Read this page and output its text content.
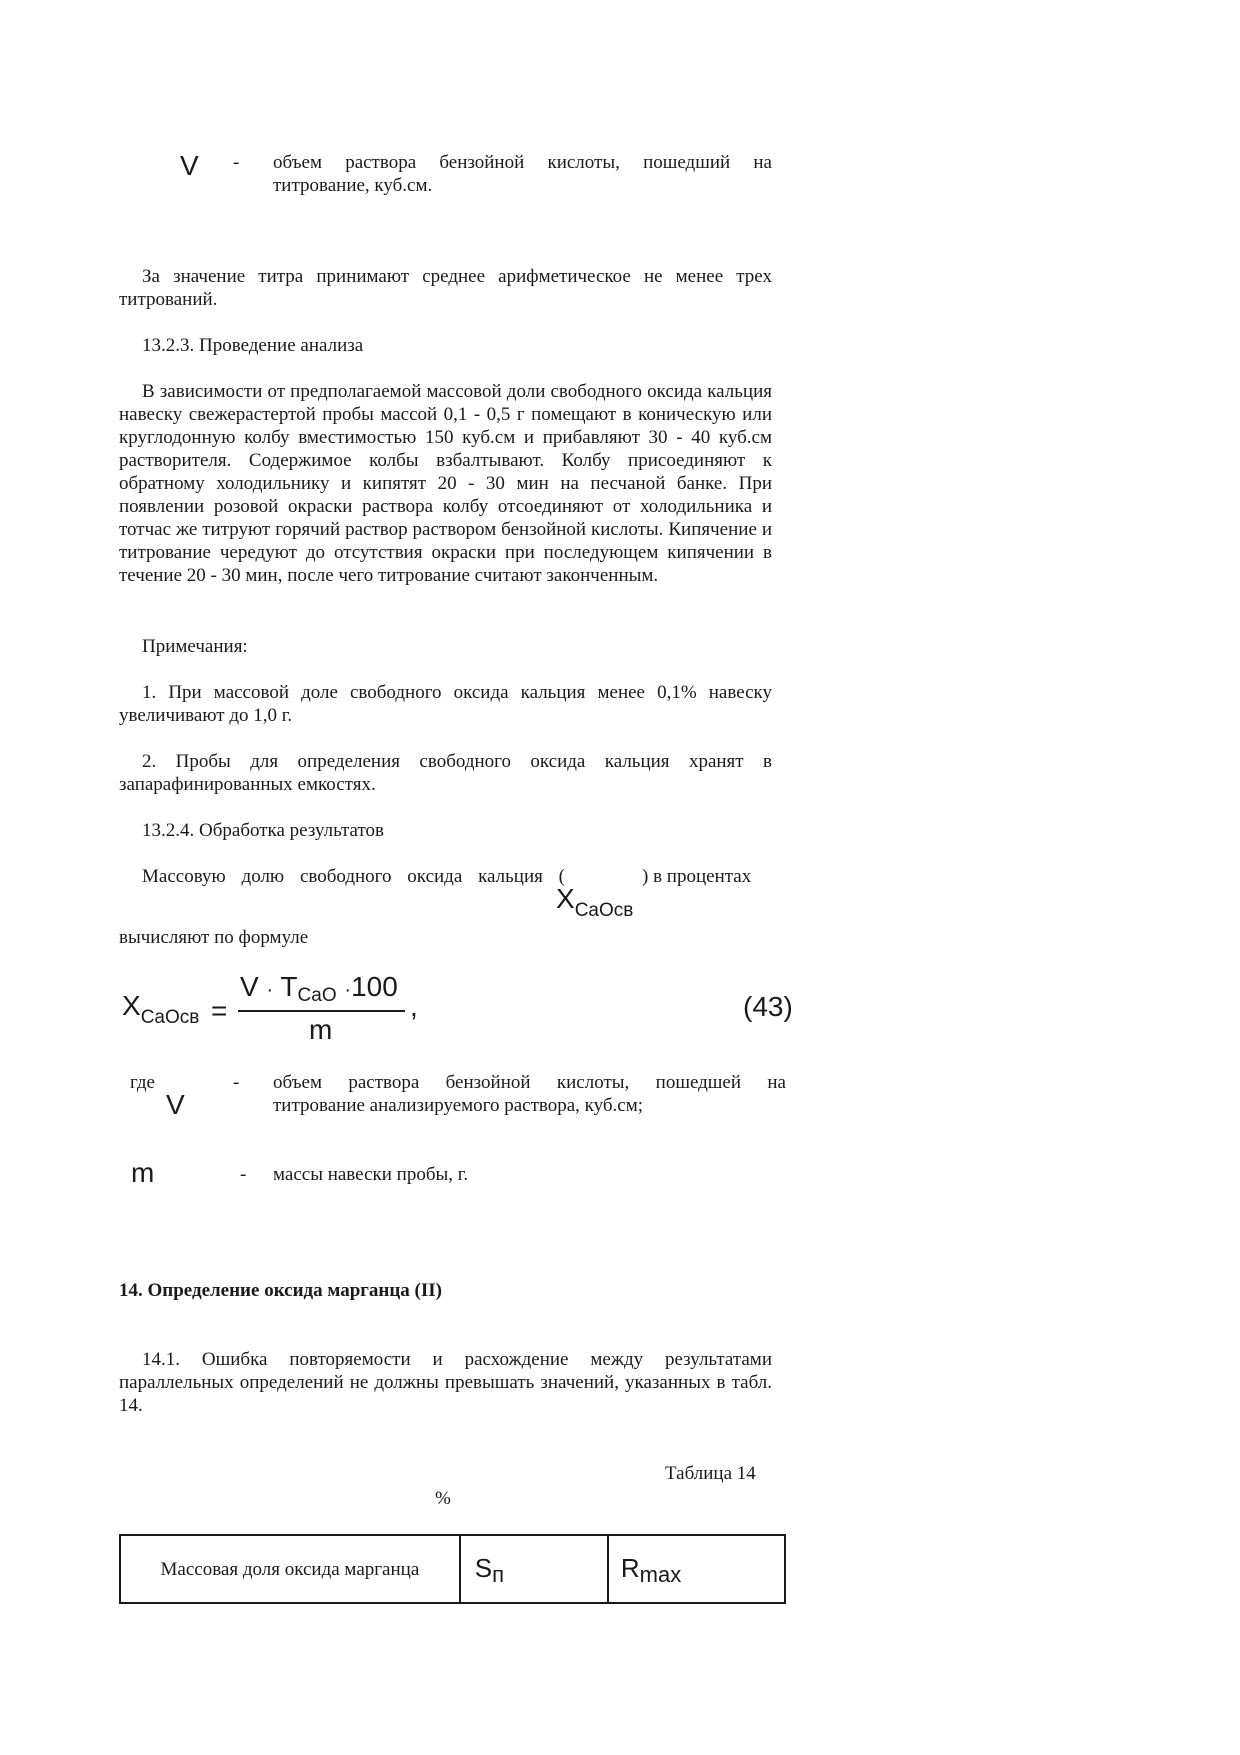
V - объем раствора бензойной кислоты, пошедший на
титрование, куб.см.
За значение титра принимают среднее арифметическое не менее трех титрований.
13.2.3. Проведение анализа
В зависимости от предполагаемой массовой доли свободного оксида кальция навеску свежерастертой пробы массой 0,1 - 0,5 г помещают в коническую или круглодонную колбу вместимостью 150 куб.см и прибавляют 30 - 40 куб.см растворителя. Содержимое колбы взбалтывают. Колбу присоединяют к обратному холодильнику и кипятят 20 - 30 мин на песчаной банке. При появлении розовой окраски раствора колбу отсоединяют от холодильника и тотчас же титруют горячий раствор раствором бензойной кислоты. Кипячение и титрование чередуют до отсутствия окраски при последующем кипячении в течение 20 - 30 мин, после чего титрование считают законченным.
Примечания:
1. При массовой доле свободного оксида кальция менее 0,1% навеску увеличивают до 1,0 г.
2. Пробы для определения свободного оксида кальция хранят в запарафинированных емкостях.
13.2.4. Обработка результатов
Массовую долю свободного оксида кальция (	) в процентах
$X_{CaOсв}$
вычисляют по формуле
$X_{CaOсв}$ =
V · TCaO ·100
m
,	(43)
где
V
- объем раствора бензойной кислоты, пошедшей на
титрование анализируемого раствора, куб.см;
m	- массы навески пробы, г.
14. Определение оксида марганца (II)
14.1. Ошибка повторяемости и расхождение между результатами параллельных определений не должны превышать значений, указанных в табл. 14.
Таблица 14
%
Массовая доля оксида марганца	Sп	Rmax
